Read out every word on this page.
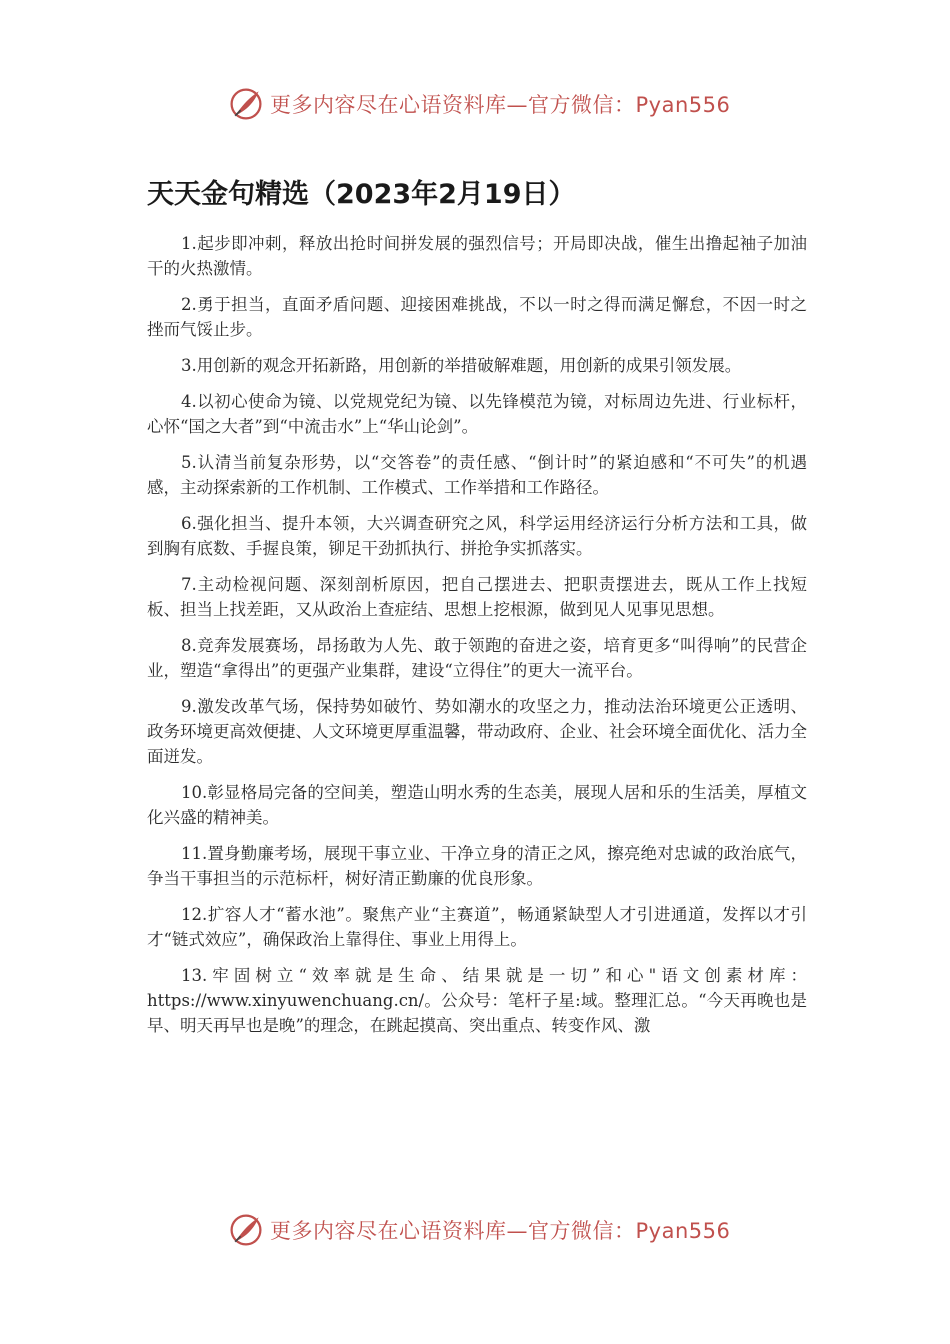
更多内容尽在心语资料库—官方微信：Pyan556
天天金句精选（2023年2月19日）

1.起步即冲刺，释放出抢时间拼发展的强烈信号；开局即决战，催生出撸起袖子加油干的火热激情。

2.勇于担当，直面矛盾问题、迎接困难挑战，不以一时之得而满足懈怠，不因一时之挫而气馁止步。

3.用创新的观念开拓新路，用创新的举措破解难题，用创新的成果引领发展。

4.以初心使命为镜、以党规党纪为镜、以先锋模范为镜，对标周边先进、行业标杆，心怀“国之大者”到“中流击水”上“华山论剑”。

5.认清当前复杂形势，以“交答卷”的责任感、“倒计时”的紧迫感和“不可失”的机遇感，主动探索新的工作机制、工作模式、工作举措和工作路径。

6.强化担当、提升本领，大兴调查研究之风，科学运用经济运行分析方法和工具，做到胸有底数、手握良策，铆足干劲抓执行、拼抢争实抓落实。

7.主动检视问题、深刻剖析原因，把自己摆进去、把职责摆进去，既从工作上找短板、担当上找差距，又从政治上查症结、思想上挖根源，做到见人见事见思想。

8.竞奔发展赛场，昂扬敢为人先、敢于领跑的奋进之姿，培育更多“叫得响”的民营企业，塑造“拿得出”的更强产业集群，建设“立得住”的更大一流平台。

9.激发改革气场，保持势如破竹、势如潮水的攻坚之力，推动法治环境更公正透明、政务环境更高效便捷、人文环境更厚重温馨，带动政府、企业、社会环境全面优化、活力全面迸发。

10.彰显格局完备的空间美，塑造山明水秀的生态美，展现人居和乐的生活美，厚植文化兴盛的精神美。

11.置身勤廉考场，展现干事立业、干净立身的清正之风，擦亮绝对忠诚的政治底气，争当干事担当的示范标杆，树好清正勤廉的优良形象。

12.扩容人才“蓄水池”。聚焦产业“主赛道”，畅通紧缺型人才引进通道，发挥以才引才“链式效应”，确保政治上靠得住、事业上用得上。

13.牢固树立“效率就是生命、结果就是一切”和心"语文创素材库：https://www.xinyuwenchuang.cn/。公众号：笔杆子星:域。整理汇总。“今天再晚也是早、明天再早也是晚”的理念，在跳起摸高、突出重点、转变作风、激

更多内容尽在心语资料库—官方微信：Pyan556
